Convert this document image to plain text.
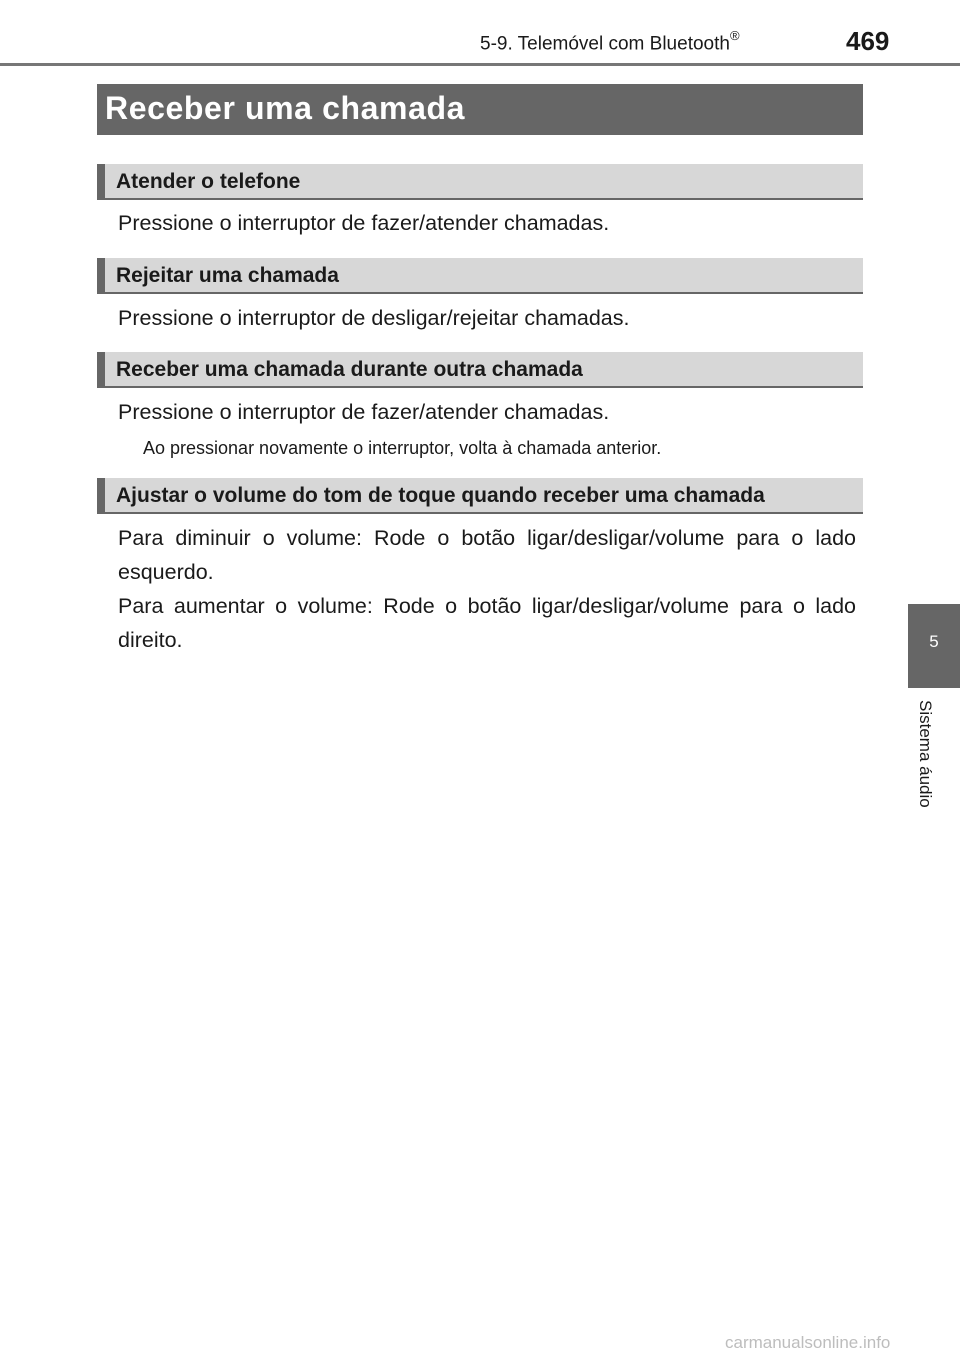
5-9. Telemóvel com Bluetooth®	469
Receber uma chamada
Atender o telefone

Pressione o interruptor de fazer/atender chamadas.

Rejeitar uma chamada

Pressione o interruptor de desligar/rejeitar chamadas.

Receber uma chamada durante outra chamada

Pressione o interruptor de fazer/atender chamadas.

Ao pressionar novamente o interruptor, volta à chamada anterior.

Ajustar o volume do tom de toque quando receber uma chamada

Para diminuir o volume: Rode o botão ligar/desligar/volume para o lado esquerdo.

Para aumentar o volume: Rode o botão ligar/desligar/volume para o lado direito.	5
Sistema áudio
carmanualsonline.info
